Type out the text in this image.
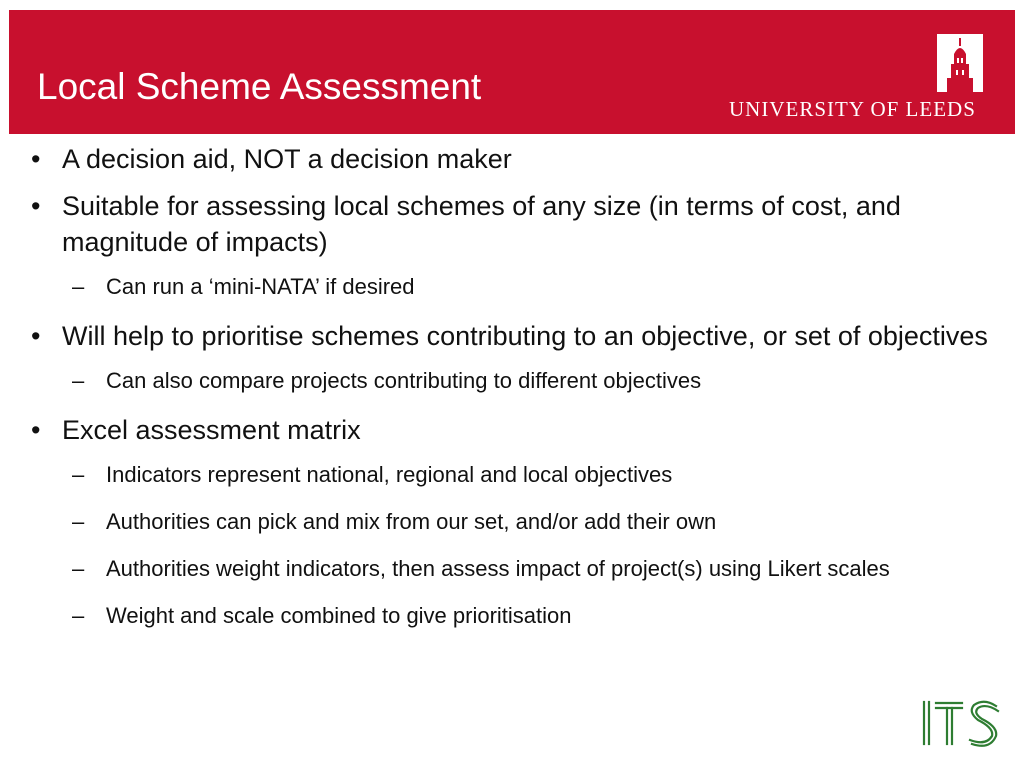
Local Scheme Assessment
UNIVERSITY OF LEEDS
• A decision aid, NOT a decision maker
• Suitable for assessing local schemes of any size (in terms of cost, and magnitude of impacts)
– Can run a ‘mini-NATA’ if desired
• Will help to prioritise schemes contributing to an objective, or set of objectives
– Can also compare projects contributing to different objectives
• Excel assessment matrix
– Indicators represent national, regional and local objectives
– Authorities can pick and mix from our set, and/or add their own
– Authorities weight indicators, then assess impact of project(s) using Likert scales
– Weight and scale combined to give prioritisation
